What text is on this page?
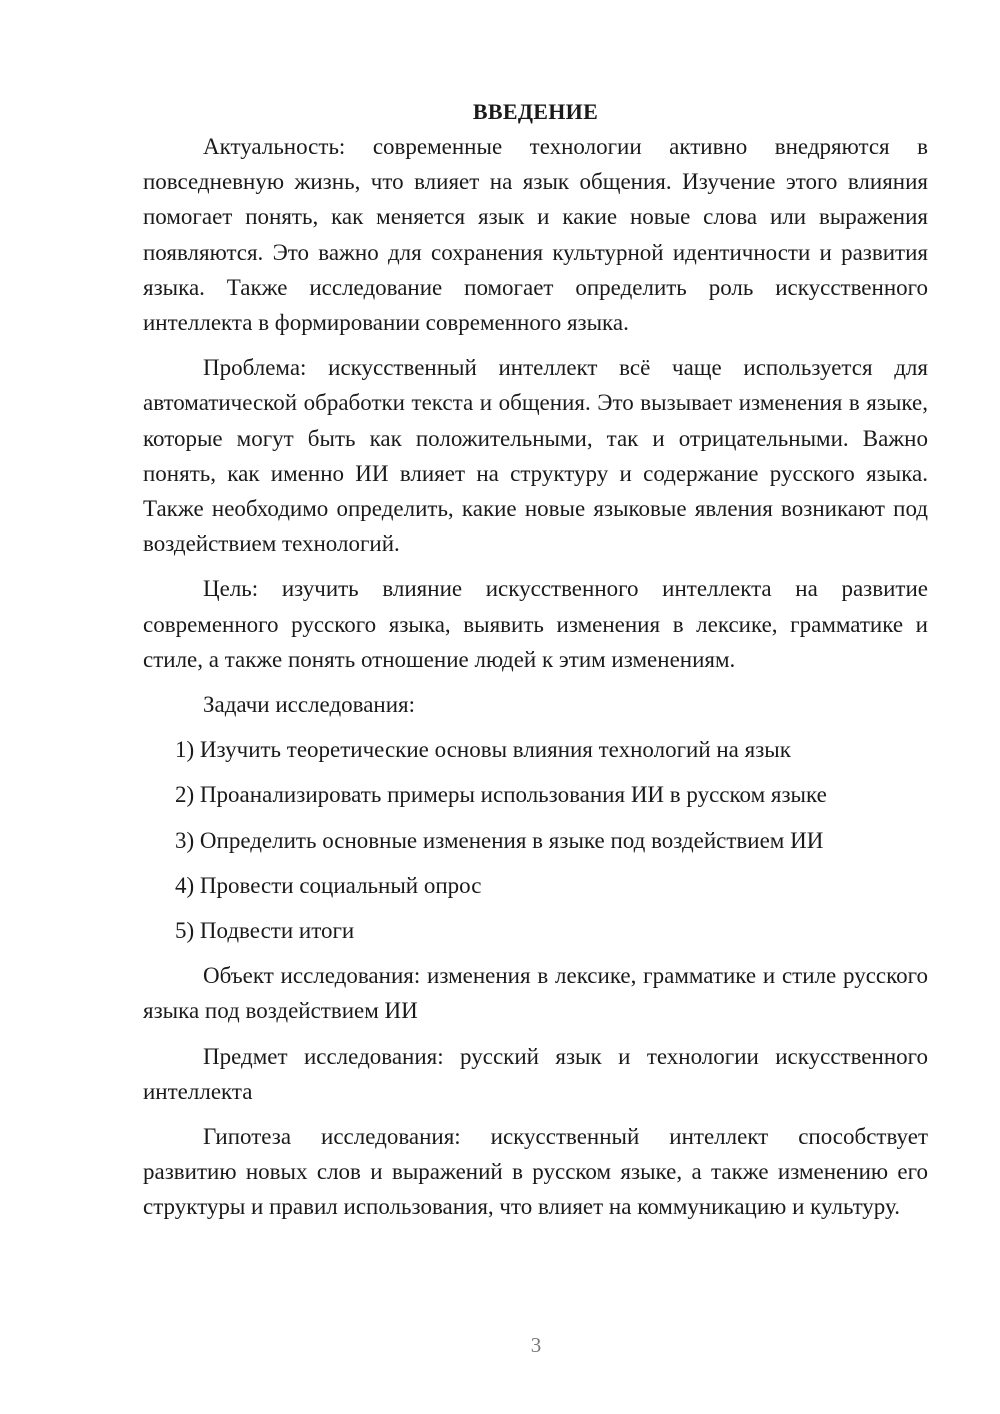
ВВЕДЕНИЕ

Актуальность: современные технологии активно внедряются в повседневную жизнь, что влияет на язык общения. Изучение этого влияния помогает понять, как меняется язык и какие новые слова или выражения появляются. Это важно для сохранения культурной идентичности и развития языка. Также исследование помогает определить роль искусственного интеллекта в формировании современного языка.

Проблема: искусственный интеллект всё чаще используется для автоматической обработки текста и общения. Это вызывает изменения в языке, которые могут быть как положительными, так и отрицательными. Важно понять, как именно ИИ влияет на структуру и содержание русского языка. Также необходимо определить, какие новые языковые явления возникают под воздействием технологий.

Цель: изучить влияние искусственного интеллекта на развитие современного русского языка, выявить изменения в лексике, грамматике и стиле, а также понять отношение людей к этим изменениям.

Задачи исследования:

1) Изучить теоретические основы влияния технологий на язык
2) Проанализировать примеры использования ИИ в русском языке
3) Определить основные изменения в языке под воздействием ИИ
4) Провести социальный опрос
5) Подвести итоги

Объект исследования: изменения в лексике, грамматике и стиле русского языка под воздействием ИИ

Предмет исследования: русский язык и технологии искусственного интеллекта

Гипотеза исследования: искусственный интеллект способствует развитию новых слов и выражений в русском языке, а также изменению его структуры и правил использования, что влияет на коммуникацию и культуру.

3
